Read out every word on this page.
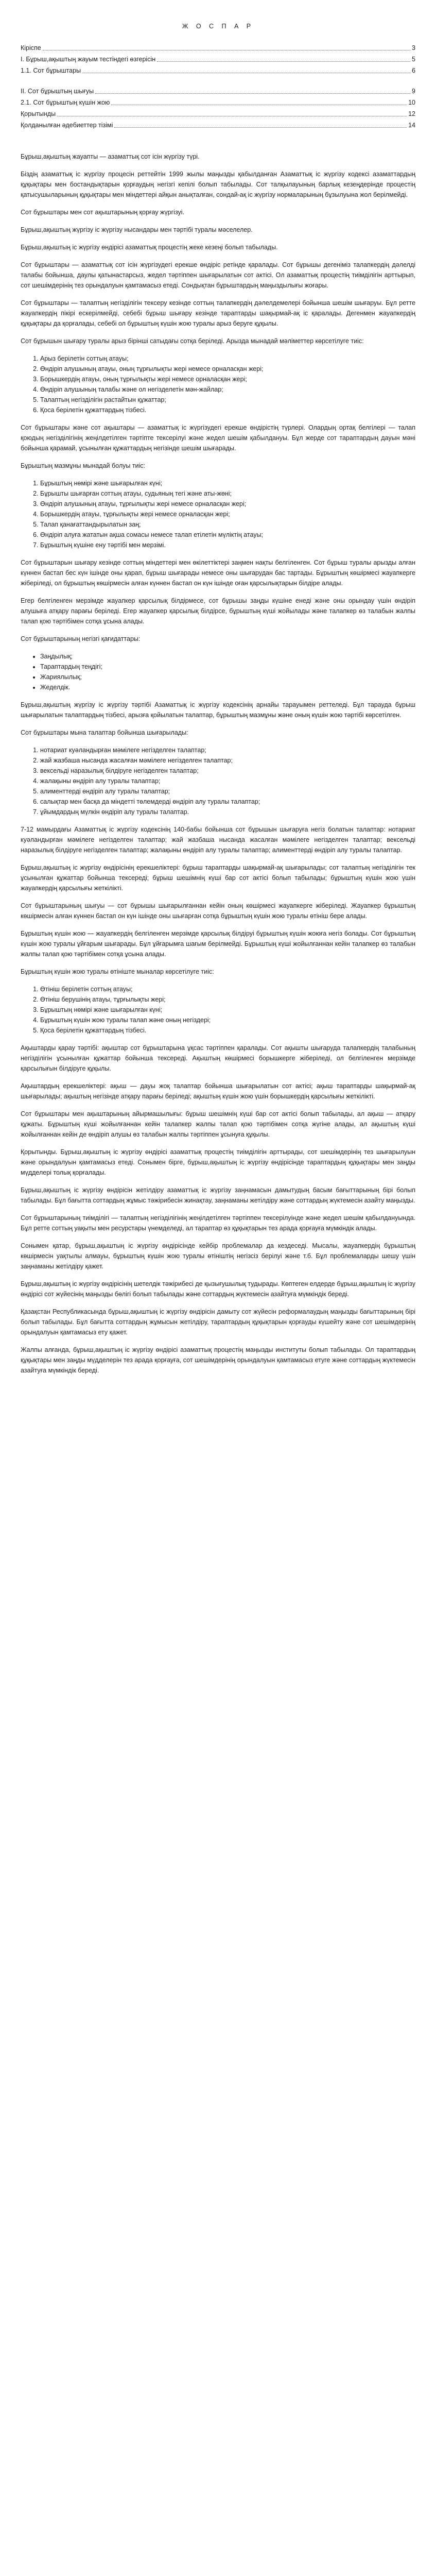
Ж О С П А Р
Кіріспе	3
І. Бұрыш,ақыштың жауым тестіндегі өзгерісін	5
1.1. Сот бұрыштары	6
ІІ. Сот бұрыштың шығуы	9
2.1. Сот бұрыштың күшін жою	10
Қорытынды	12
Қолданылған әдебиеттер тізімі	14

Бұрыш,ақыштың жауапты — азаматтық сот ісін жүргізу түрі.

Біздің азаматтық іс жүргізу процесін реттейтін 1999 жылы маңызды қабылданған Азаматтық іс жүргізу кодексі азаматтардың құқықтары мен бостандықтарын қорғаудың негізгі кепілі болып табылады. Сот талқылауының барлық кезеңдерінде процестің қатысушыларының құқықтары мен міндеттері айқын анықталған, сондай-ақ іс жүргізу нормаларының бұзылуына жол берілмейді.

Сот бұрыштары мен сот ақыштарының қорғау жүргізуі.

Бұрыш,ақыштың жүргізу іс жүргізу нысандары мен тәртібі туралы мәселелер.

Бұрыш,ақыштың іс жүргізу өндірісі азаматтық процестің жеке кезеңі болып табылады.

Сот бұрыштары — азаматтық сот ісін жүргізудегі ерекше өндіріс ретінде қаралады. Сот бұрышы дегеніміз талапкердің дәлелді талабы бойынша, даулы қатынастарсыз, жедел тәртіппен шығарылатын сот актісі. Ол азаматтық процестің тиімділігін арттырып, сот шешімдерінің тез орындалуын қамтамасыз етеді. Сондықтан бұрыштардың маңыздылығы жоғары.

Сот бұрыштары — талаптың негізділігін тексеру кезінде соттың талапкердің дәлелдемелері бойынша шешім шығаруы. Бұл ретте жауапкердің пікірі ескерілмейді, себебі бұрыш шығару кезінде тараптарды шақырмай-ақ іс қаралады. Дегенмен жауапкердің құқықтары да қорғалады, себебі ол бұрыштың күшін жою туралы арыз беруге құқылы.

Сот бұрышын шығару туралы арыз бірінші сатыдағы сотқа беріледі. Арызда мынадай мәліметтер көрсетілуге тиіс:

1. Арыз берілетін соттың атауы;
2. Өндіріп алушының атауы, оның тұрғылықты жері немесе орналасқан жері;
3. Борышкердің атауы, оның тұрғылықты жері немесе орналасқан жері;
4. Өндіріп алушының талабы және ол негізделетін мән-жайлар;
5. Талаптың негізділігін растайтын құжаттар;
6. Қоса берілетін құжаттардың тізбесі.

Сот бұрыштары және сот ақыштары — азаматтық іс жүргізудегі ерекше өндірістің түрлері. Олардың ортақ белгілері — талап қоюдың негізділігінің жеңілдетілген тәртіпте тексерілуі және жедел шешім қабылдануы. Бұл жерде сот тараптардың дауын мәні бойынша қарамай, ұсынылған құжаттардың негізінде шешім шығарады.

Бұрыштың мазмұны мынадай болуы тиіс:

1. Бұрыштың нөмірі және шығарылған күні;
2. Бұрышты шығарған соттың атауы, судьяның тегі және аты-жөні;
3. Өндіріп алушының атауы, тұрғылықты жері немесе орналасқан жері;
4. Борышкердің атауы, тұрғылықты жері немесе орналасқан жері;
5. Талап қанағаттандырылатын заң;
6. Өндіріп алуға жататын ақша сомасы немесе талап етілетін мүліктің атауы;
7. Бұрыштың күшіне ену тәртібі мен мерзімі.

Сот бұрыштарын шығару кезінде соттың міндеттері мен өкілеттіктері заңмен нақты белгіленген. Сот бұрыш туралы арызды алған күннен бастап бес күн ішінде оны қарап, бұрыш шығарады немесе оны шығарудан бас тартады. Бұрыштың көшірмесі жауапкерге жіберіледі, ол бұрыштың көшірмесін алған күннен бастап он күн ішінде оған қарсылықтарын білдіре алады.

Егер белгіленген мерзімде жауапкер қарсылық білдірмесе, сот бұрышы заңды күшіне енеді және оны орындау үшін өндіріп алушыға атқару парағы беріледі. Егер жауапкер қарсылық білдірсе, бұрыштың күші жойылады және талапкер өз талабын жалпы талап қою тәртібімен сотқа ұсына алады.

Сот бұрыштарының негізгі қағидаттары:

• Заңдылық;
• Тараптардың теңдігі;
• Жариялылық;
• Жеделдік.

Бұрыш,ақыштың жүргізу іс жүргізу тәртібі Азаматтық іс жүргізу кодексінің арнайы тарауымен реттеледі. Бұл тарауда бұрыш шығарылатын талаптардың тізбесі, арызға қойылатын талаптар, бұрыштың мазмұны және оның күшін жою тәртібі көрсетілген.

Сот бұрыштары мына талаптар бойынша шығарылады:

1. нотариат куәландырған мәмілеге негізделген талаптар;
2. жай жазбаша нысанда жасалған мәмілеге негізделген талаптар;
3. вексельді наразылық білдіруге негізделген талаптар;
4. жалақыны өндіріп алу туралы талаптар;
5. алименттерді өндіріп алу туралы талаптар;
6. салықтар мен басқа да міндетті төлемдерді өндіріп алу туралы талаптар;
7. ұйымдардың мүлкін өндіріп алу туралы талаптар.

7-12 мамырдағы Азаматтық іс жүргізу кодексінің 140-бабы бойынша сот бұрышын шығаруға негіз болатын талаптар: нотариат куәландырған мәмілеге негізделген талаптар; жай жазбаша нысанда жасалған мәмілеге негізделген талаптар; вексельді наразылық білдіруге негізделген талаптар; жалақыны өндіріп алу туралы талаптар; алименттерді өндіріп алу туралы талаптар.

Бұрыш,ақыштың іс жүргізу өндірісінің ерекшеліктері: бұрыш тараптарды шақырмай-ақ шығарылады; сот талаптың негізділігін тек ұсынылған құжаттар бойынша тексереді; бұрыш шешімнің күші бар сот актісі болып табылады; бұрыштың күшін жою үшін жауапкердің қарсылығы жеткілікті.

Сот бұрыштарының шығуы — сот бұрышы шығарылғаннан кейін оның көшірмесі жауапкерге жіберіледі. Жауапкер бұрыштың көшірмесін алған күннен бастап он күн ішінде оны шығарған сотқа бұрыштың күшін жою туралы өтініш бере алады.

Бұрыштың күшін жою — жауапкердің белгіленген мерзімде қарсылық білдіруі бұрыштың күшін жоюға негіз болады. Сот бұрыштың күшін жою туралы ұйғарым шығарады. Бұл ұйғарымға шағым берілмейді. Бұрыштың күші жойылғаннан кейін талапкер өз талабын жалпы талап қою тәртібімен сотқа ұсына алады.

Бұрыштың күшін жою туралы өтініште мыналар көрсетілуге тиіс:

1. Өтініш берілетін соттың атауы;
2. Өтініш берушінің атауы, тұрғылықты жері;
3. Бұрыштың нөмірі және шығарылған күні;
4. Бұрыштың күшін жою туралы талап және оның негіздері;
5. Қоса берілетін құжаттардың тізбесі.

Ақыштарды қарау тәртібі: ақыштар сот бұрыштарына ұқсас тәртіппен қаралады. Сот ақышты шығаруда талапкердің талабының негізділігін ұсынылған құжаттар бойынша тексереді. Ақыштың көшірмесі борышкерге жіберіледі, ол белгіленген мерзімде қарсылығын білдіруге құқылы.

Ақыштардың ерекшеліктері: ақыш — дауы жоқ талаптар бойынша шығарылатын сот актісі; ақыш тараптарды шақырмай-ақ шығарылады; ақыштың негізінде атқару парағы беріледі; ақыштың күшін жою үшін борышкердің қарсылығы жеткілікті.

Сот бұрыштары мен ақыштарының айырмашылығы: бұрыш шешімнің күші бар сот актісі болып табылады, ал ақыш — атқару құжаты. Бұрыштың күші жойылғаннан кейін талапкер жалпы талап қою тәртібімен сотқа жүгіне алады, ал ақыштың күші жойылғаннан кейін де өндіріп алушы өз талабын жалпы тәртіппен ұсынуға құқылы.

Қорытынды. Бұрыш,ақыштың іс жүргізу өндірісі азаматтық процестің тиімділігін арттырады, сот шешімдерінің тез шығарылуын және орындалуын қамтамасыз етеді. Сонымен бірге, бұрыш,ақыштың іс жүргізу өндірісінде тараптардың құқықтары мен заңды мүдделері толық қорғалады.

Бұрыш,ақыштың іс жүргізу өндірісін жетілдіру азаматтық іс жүргізу заңнамасын дамытудың басым бағыттарының бірі болып табылады. Бұл бағытта соттардың жұмыс тәжірибесін жинақтау, заңнаманы жетілдіру және соттардың жүктемесін азайту маңызды.

Сот бұрыштарының тиімділігі — талаптың негізділігінің жеңілдетілген тәртіппен тексерілуінде және жедел шешім қабылдануында. Бұл ретте соттың уақыты мен ресурстары үнемделеді, ал тараптар өз құқықтарын тез арада қорғауға мүмкіндік алады.

Сонымен қатар, бұрыш,ақыштың іс жүргізу өндірісінде кейбір проблемалар да кездеседі. Мысалы, жауапкердің бұрыштың көшірмесін уақтылы алмауы, бұрыштың күшін жою туралы өтініштің негізсіз берілуі және т.б. Бұл проблемаларды шешу үшін заңнаманы жетілдіру қажет.

Бұрыш,ақыштың іс жүргізу өндірісінің шетелдік тәжірибесі де қызығушылық тудырады. Көптеген елдерде бұрыш,ақыштың іс жүргізу өндірісі сот жүйесінің маңызды бөлігі болып табылады және соттардың жүктемесін азайтуға мүмкіндік береді.

Қазақстан Республикасында бұрыш,ақыштың іс жүргізу өндірісін дамыту сот жүйесін реформалаудың маңызды бағыттарының бірі болып табылады. Бұл бағытта соттардың жұмысын жетілдіру, тараптардың құқықтарын қорғауды күшейту және сот шешімдерінің орындалуын қамтамасыз ету қажет.

Жалпы алғанда, бұрыш,ақыштың іс жүргізу өндірісі азаматтық процестің маңызды институты болып табылады. Ол тараптардың құқықтары мен заңды мүдделерін тез арада қорғауға, сот шешімдерінің орындалуын қамтамасыз етуге және соттардың жүктемесін азайтуға мүмкіндік береді.
